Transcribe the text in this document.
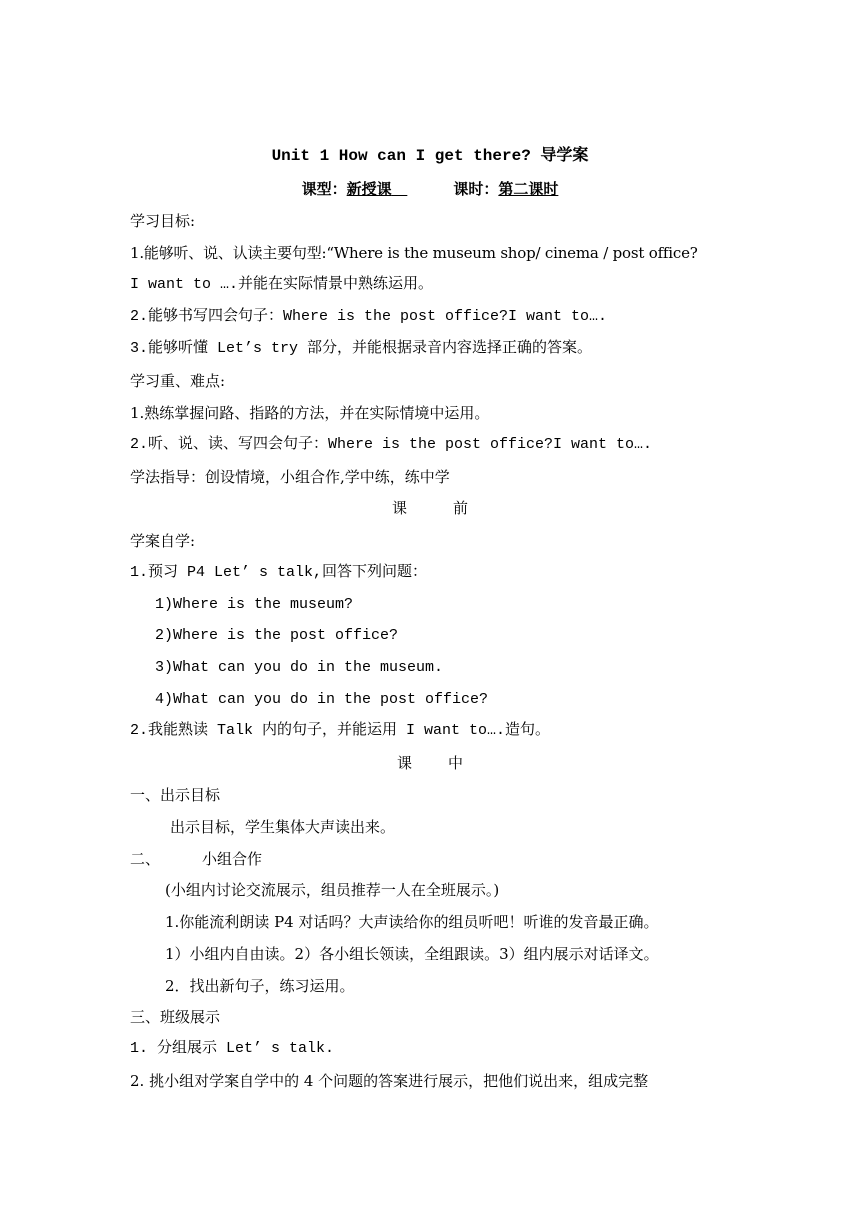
Unit 1 How can I get there? 导学案
课型：新授课	课时：第二课时
学习目标:
1.能够听、说、认读主要句型:“Where is the museum shop/ cinema / post office?
I want to ….并能在实际情景中熟练运用。
2.能够书写四会句子：Where is the post office?I want to….
3.能够听懂 Let’s try 部分，并能根据录音内容选择正确的答案。
学习重、难点:
1.熟练掌握问路、指路的方法，并在实际情境中运用。
2.听、说、读、写四会句子：Where is the post office?I want to….
学法指导：创设情境，小组合作,学中练，练中学
课	前
学案自学:
1.预习 P4 Let’ s talk,回答下列问题：
1)Where is the museum?
2)Where is the post office?
3)What can you do in the museum.
4)What can you do in the post office?
2.我能熟读 Talk 内的句子，并能运用 I want to….造句。
课 中
一、出示目标
出示目标，学生集体大声读出来。
二、	小组合作
(小组内讨论交流展示，组员推荐一人在全班展示。)
1.你能流利朗读 P4 对话吗？大声读给你的组员听吧！听谁的发音最正确。
1）小组内自由读。2）各小组长领读，全组跟读。3）组内展示对话译文。
2．找出新句子，练习运用。
三、班级展示
1. 分组展示 Let’ s talk.
2. 挑小组对学案自学中的 4 个问题的答案进行展示，把他们说出来，组成完整
